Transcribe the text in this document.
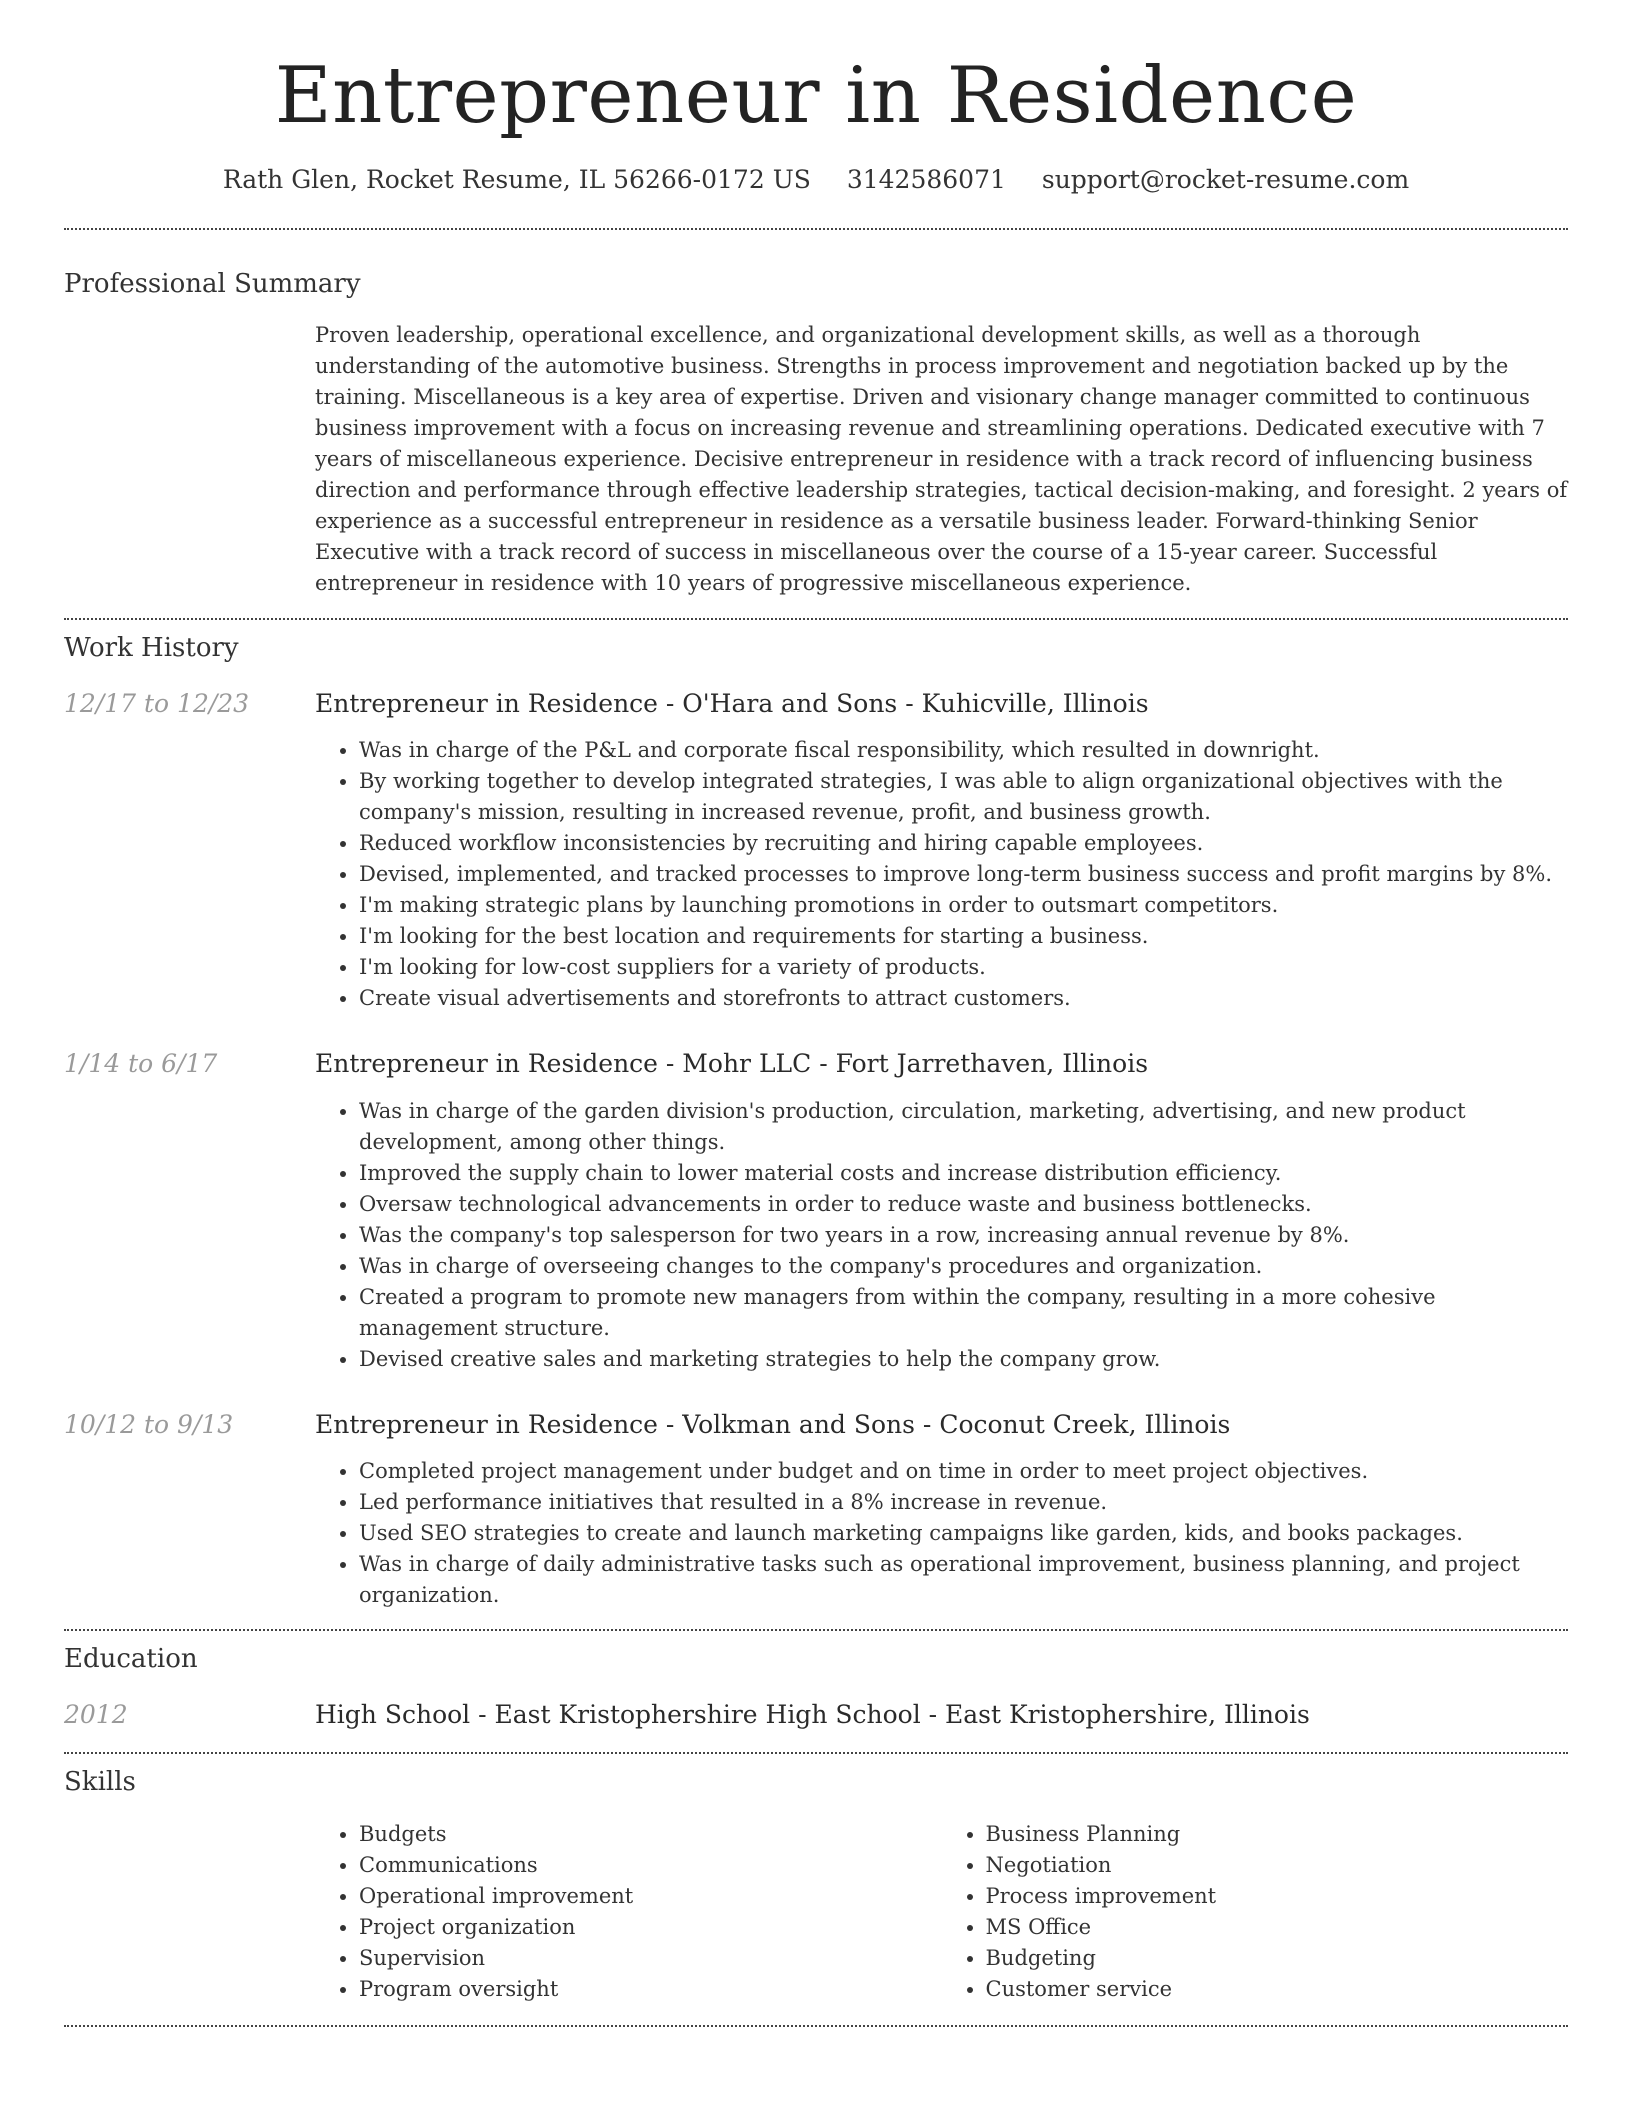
Entrepreneur in Residence
Rath Glen, Rocket Resume, IL 56266-0172 US 3142586071 support@rocket-resume.com
Professional Summary

Proven leadership, operational excellence, and organizational development skills, as well as a thorough understanding of the automotive business. Strengths in process improvement and negotiation backed up by the training. Miscellaneous is a key area of expertise. Driven and visionary change manager committed to continuous business improvement with a focus on increasing revenue and streamlining operations. Dedicated executive with 7 years of miscellaneous experience. Decisive entrepreneur in residence with a track record of influencing business direction and performance through effective leadership strategies, tactical decision-making, and foresight. 2 years of experience as a successful entrepreneur in residence as a versatile business leader. Forward-thinking Senior Executive with a track record of success in miscellaneous over the course of a 15-year career. Successful entrepreneur in residence with 10 years of progressive miscellaneous experience.

Work History
12/17 to 12/23	Entrepreneur in Residence - O'Hara and Sons - Kuhicville, Illinois
• Was in charge of the P&L and corporate fiscal responsibility, which resulted in downright.
• By working together to develop integrated strategies, I was able to align organizational objectives with the company's mission, resulting in increased revenue, profit, and business growth.
• Reduced workflow inconsistencies by recruiting and hiring capable employees.
• Devised, implemented, and tracked processes to improve long-term business success and profit margins by 8%.
• I'm making strategic plans by launching promotions in order to outsmart competitors.
• I'm looking for the best location and requirements for starting a business.
• I'm looking for low-cost suppliers for a variety of products.
• Create visual advertisements and storefronts to attract customers.
1/14 to 6/17	Entrepreneur in Residence - Mohr LLC - Fort Jarrethaven, Illinois
• Was in charge of the garden division's production, circulation, marketing, advertising, and new product development, among other things.
• Improved the supply chain to lower material costs and increase distribution efficiency.
• Oversaw technological advancements in order to reduce waste and business bottlenecks.
• Was the company's top salesperson for two years in a row, increasing annual revenue by 8%.
• Was in charge of overseeing changes to the company's procedures and organization.
• Created a program to promote new managers from within the company, resulting in a more cohesive management structure.
• Devised creative sales and marketing strategies to help the company grow.
10/12 to 9/13	Entrepreneur in Residence - Volkman and Sons - Coconut Creek, Illinois
• Completed project management under budget and on time in order to meet project objectives.
• Led performance initiatives that resulted in a 8% increase in revenue.
• Used SEO strategies to create and launch marketing campaigns like garden, kids, and books packages.
• Was in charge of daily administrative tasks such as operational improvement, business planning, and project organization.
Education
2012	High School - East Kristophershire High School - East Kristophershire, Illinois
Skills
• Budgets
• Communications
• Operational improvement
• Project organization
• Supervision
• Program oversight
• Business Planning
• Negotiation
• Process improvement
• MS Office
• Budgeting
• Customer service
